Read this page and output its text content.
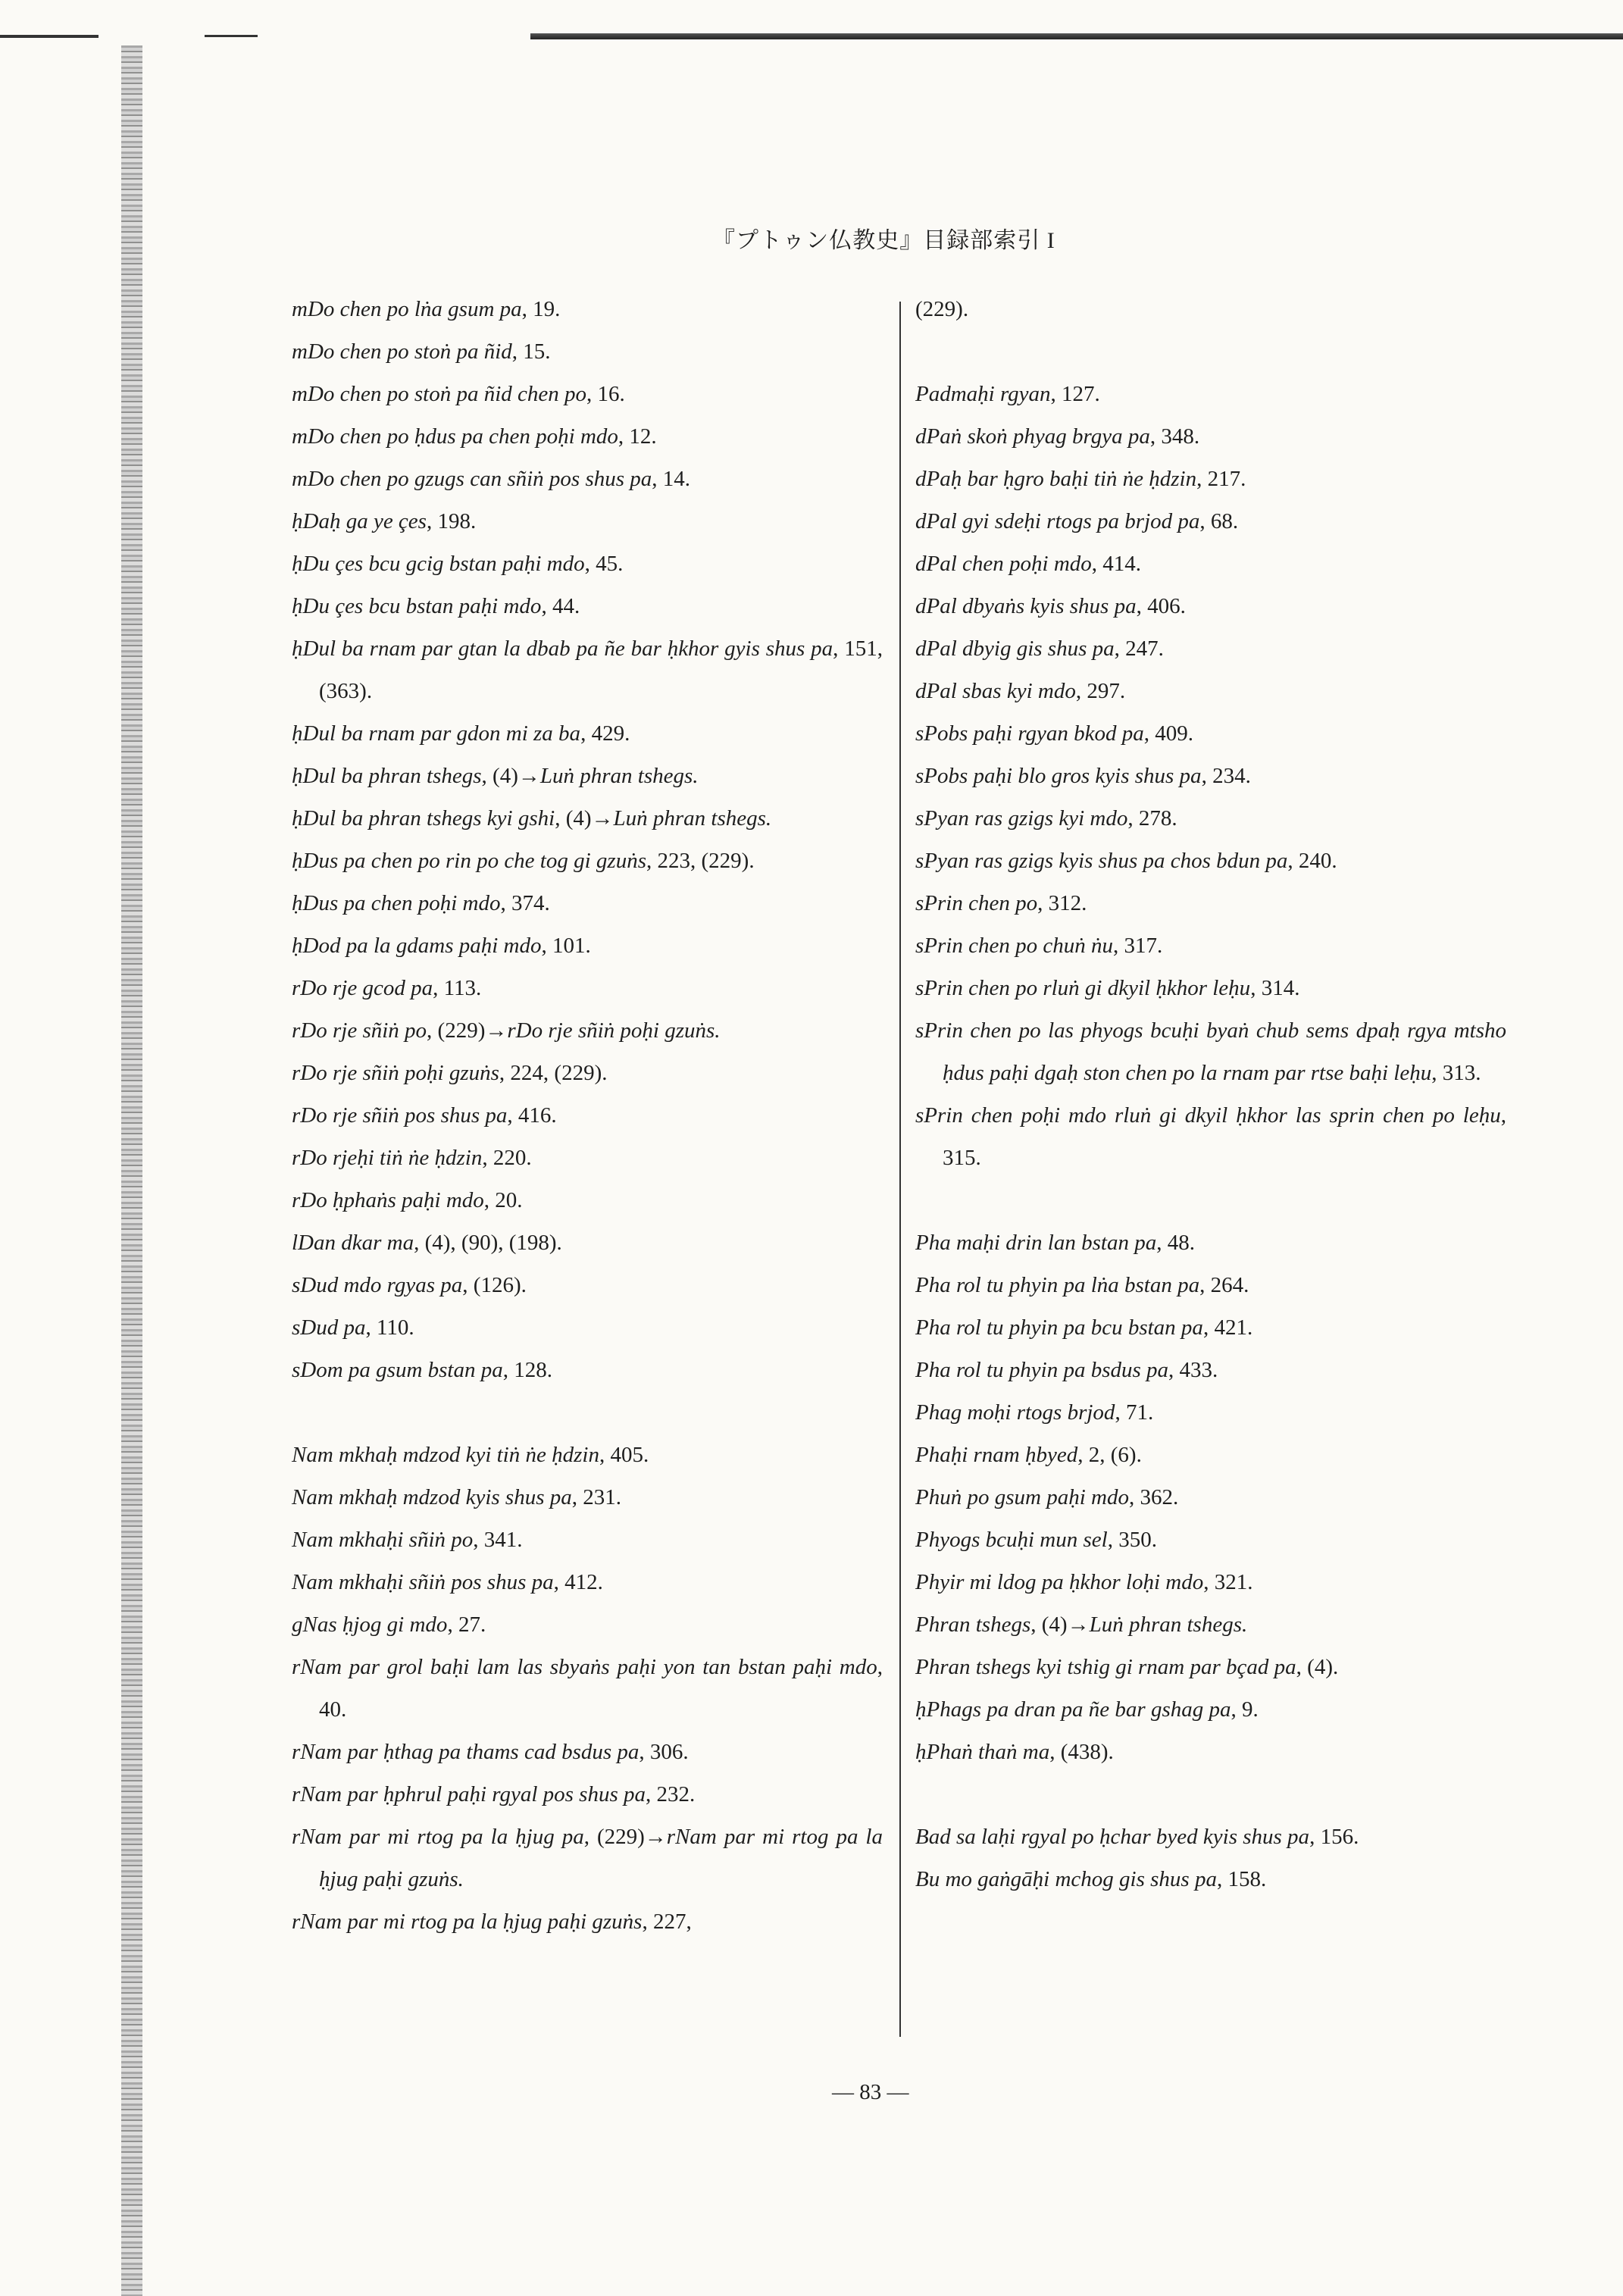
『プトゥン仏教史』目録部索引 I
mDo chen po lṅa gsum pa, 19.
mDo chen po stoṅ pa ñid, 15.
mDo chen po stoṅ pa ñid chen po, 16.
mDo chen po ḥdus pa chen poḥi mdo, 12.
mDo chen po gzugs can sñiṅ pos shus pa, 14.
ḥDaḥ ga ye çes, 198.
ḥDu çes bcu gcig bstan paḥi mdo, 45.
ḥDu çes bcu bstan paḥi mdo, 44.
ḥDul ba rnam par gtan la dbab pa ñe bar ḥkhor gyis shus pa, 151, (363).
ḥDul ba rnam par gdon mi za ba, 429.
ḥDul ba phran tshegs, (4)→Luṅ phran tshegs.
ḥDul ba phran tshegs kyi gshi, (4)→Luṅ phran tshegs.
ḥDus pa chen po rin po che tog gi gzuṅs, 223, (229).
ḥDus pa chen poḥi mdo, 374.
ḥDod pa la gdams paḥi mdo, 101.
rDo rje gcod pa, 113.
rDo rje sñiṅ po, (229)→rDo rje sñiṅ poḥi gzuṅs.
rDo rje sñiṅ poḥi gzuṅs, 224, (229).
rDo rje sñiṅ pos shus pa, 416.
rDo rjeḥi tiṅ ṅe ḥdzin, 220.
rDo ḥphaṅs paḥi mdo, 20.
lDan dkar ma, (4), (90), (198).
sDud mdo rgyas pa, (126).
sDud pa, 110.
sDom pa gsum bstan pa, 128.
Nam mkhaḥ mdzod kyi tiṅ ṅe ḥdzin, 405.
Nam mkhaḥ mdzod kyis shus pa, 231.
Nam mkhaḥi sñiṅ po, 341.
Nam mkhaḥi sñiṅ pos shus pa, 412.
gNas ḥjog gi mdo, 27.
rNam par grol baḥi lam las sbyaṅs paḥi yon tan bstan paḥi mdo, 40.
rNam par ḥthag pa thams cad bsdus pa, 306.
rNam par ḥphrul paḥi rgyal pos shus pa, 232.
rNam par mi rtog pa la ḥjug pa, (229)→rNam par mi rtog pa la ḥjug paḥi gzuṅs.
rNam par mi rtog pa la ḥjug paḥi gzuṅs, 227,
(229).
Padmaḥi rgyan, 127.
dPaṅ skoṅ phyag brgya pa, 348.
dPaḥ bar ḥgro baḥi tiṅ ṅe ḥdzin, 217.
dPal gyi sdeḥi rtogs pa brjod pa, 68.
dPal chen poḥi mdo, 414.
dPal dbyaṅs kyis shus pa, 406.
dPal dbyig gis shus pa, 247.
dPal sbas kyi mdo, 297.
sPobs paḥi rgyan bkod pa, 409.
sPobs paḥi blo gros kyis shus pa, 234.
sPyan ras gzigs kyi mdo, 278.
sPyan ras gzigs kyis shus pa chos bdun pa, 240.
sPrin chen po, 312.
sPrin chen po chuṅ ṅu, 317.
sPrin chen po rluṅ gi dkyil ḥkhor leḥu, 314.
sPrin chen po las phyogs bcuḥi byaṅ chub sems dpaḥ rgya mtsho ḥdus paḥi dgaḥ ston chen po la rnam par rtse baḥi leḥu, 313.
sPrin chen poḥi mdo rluṅ gi dkyil ḥkhor las sprin chen po leḥu, 315.
Pha maḥi drin lan bstan pa, 48.
Pha rol tu phyin pa lṅa bstan pa, 264.
Pha rol tu phyin pa bcu bstan pa, 421.
Pha rol tu phyin pa bsdus pa, 433.
Phag moḥi rtogs brjod, 71.
Phaḥi rnam ḥbyed, 2, (6).
Phuṅ po gsum paḥi mdo, 362.
Phyogs bcuḥi mun sel, 350.
Phyir mi ldog pa ḥkhor loḥi mdo, 321.
Phran tshegs, (4)→Luṅ phran tshegs.
Phran tshegs kyi tshig gi rnam par bçad pa, (4).
ḥPhags pa dran pa ñe bar gshag pa, 9.
ḥPhaṅ thaṅ ma, (438).
Bad sa laḥi rgyal po ḥchar byed kyis shus pa, 156.
Bu mo gaṅgāḥi mchog gis shus pa, 158.
— 83 —
